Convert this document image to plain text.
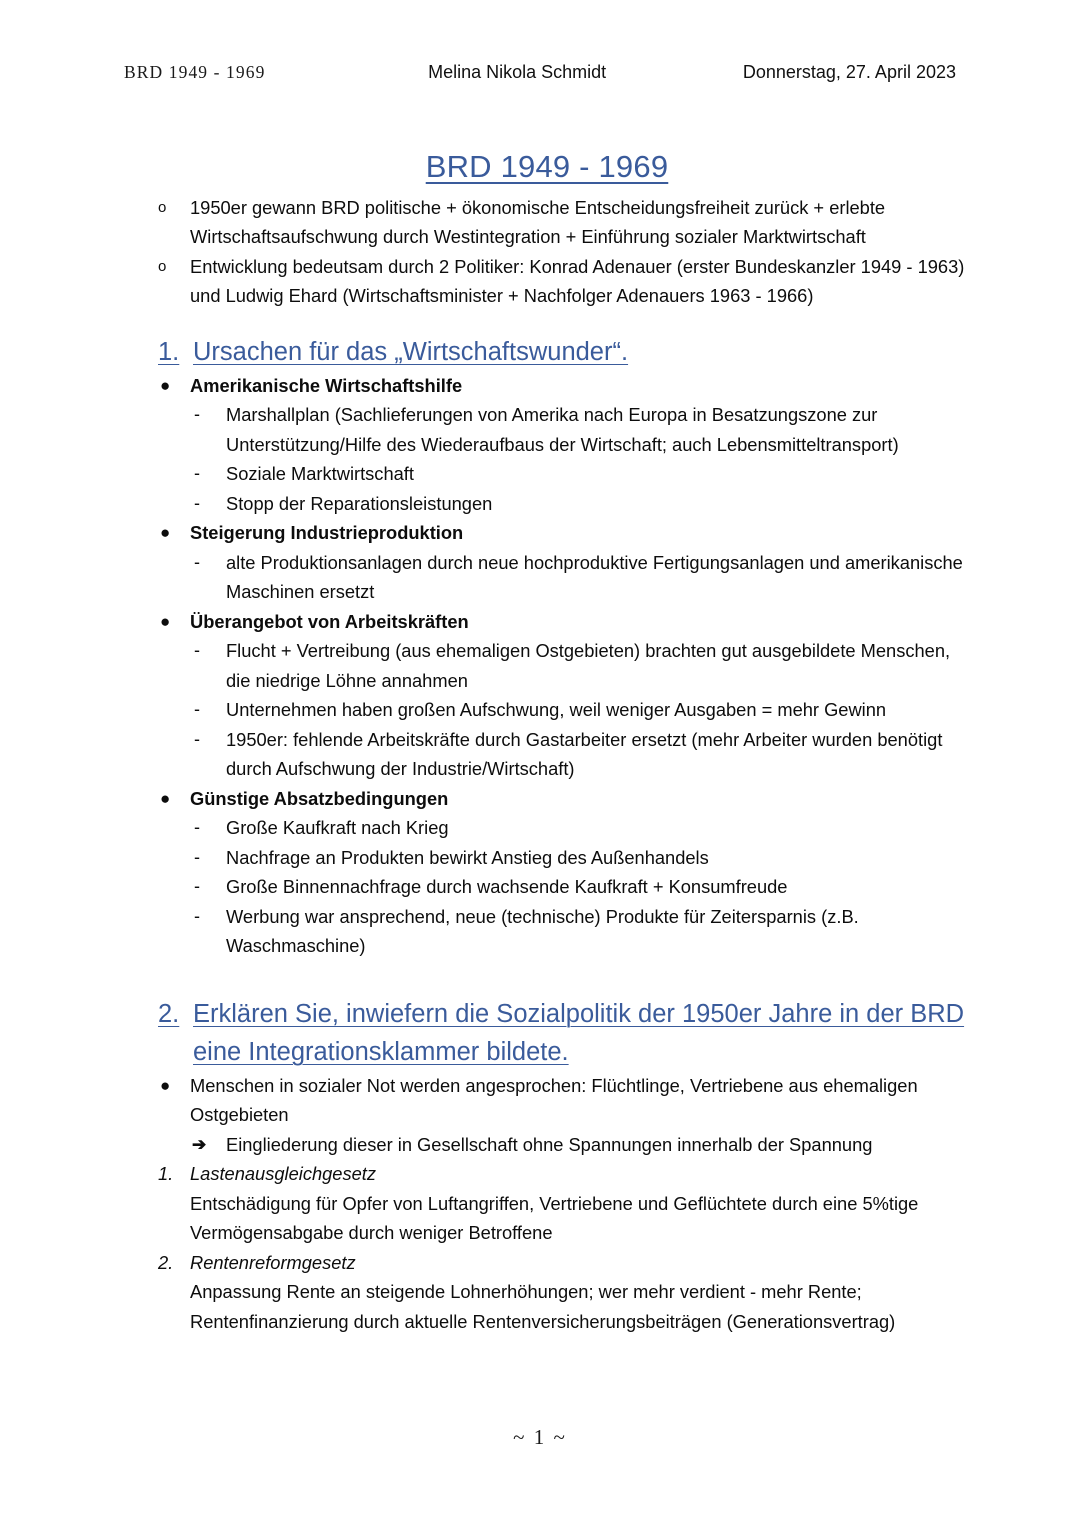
BRD 1949 - 1969	Melina Nikola Schmidt	Donnerstag, 27. April 2023
BRD 1949 - 1969
o 1950er gewann BRD politische + ökonomische Entscheidungsfreiheit zurück + erlebte Wirtschaftsaufschwung durch Westintegration + Einführung sozialer Marktwirtschaft
o Entwicklung bedeutsam durch 2 Politiker: Konrad Adenauer (erster Bundeskanzler 1949 - 1963) und Ludwig Ehard (Wirtschaftsminister + Nachfolger Adenauers 1963 - 1966)
1. Ursachen für das „Wirtschaftswunder“.
● Amerikanische Wirtschaftshilfe
- Marshallplan (Sachlieferungen von Amerika nach Europa in Besatzungszone zur Unterstützung/Hilfe des Wiederaufbaus der Wirtschaft; auch Lebensmitteltransport)
- Soziale Marktwirtschaft
- Stopp der Reparationsleistungen
● Steigerung Industrieproduktion
- alte Produktionsanlagen durch neue hochproduktive Fertigungsanlagen und amerikanische Maschinen ersetzt
● Überangebot von Arbeitskräften
- Flucht + Vertreibung (aus ehemaligen Ostgebieten) brachten gut ausgebildete Menschen, die niedrige Löhne annahmen
- Unternehmen haben großen Aufschwung, weil weniger Ausgaben = mehr Gewinn
- 1950er: fehlende Arbeitskräfte durch Gastarbeiter ersetzt (mehr Arbeiter wurden benötigt durch Aufschwung der Industrie/Wirtschaft)
● Günstige Absatzbedingungen
- Große Kaufkraft nach Krieg
- Nachfrage an Produkten bewirkt Anstieg des Außenhandels
- Große Binnennachfrage durch wachsende Kaufkraft + Konsumfreude
- Werbung war ansprechend, neue (technische) Produkte für Zeitersparnis (z.B. Waschmaschine)
2. Erklären Sie, inwiefern die Sozialpolitik der 1950er Jahre in der BRD eine Integrationsklammer bildete.
● Menschen in sozialer Not werden angesprochen: Flüchtlinge, Vertriebene aus ehemaligen Ostgebieten
➔ Eingliederung dieser in Gesellschaft ohne Spannungen innerhalb der Spannung
1. Lastenausgleichgesetz
Entschädigung für Opfer von Luftangriffen, Vertriebene und Geflüchtete durch eine 5%tige Vermögensabgabe durch weniger Betroffene
2. Rentenreformgesetz
Anpassung Rente an steigende Lohnerhöhungen; wer mehr verdient - mehr Rente; Rentenfinanzierung durch aktuelle Rentenversicherungsbeiträgen (Generationsvertrag)
~ 1 ~
